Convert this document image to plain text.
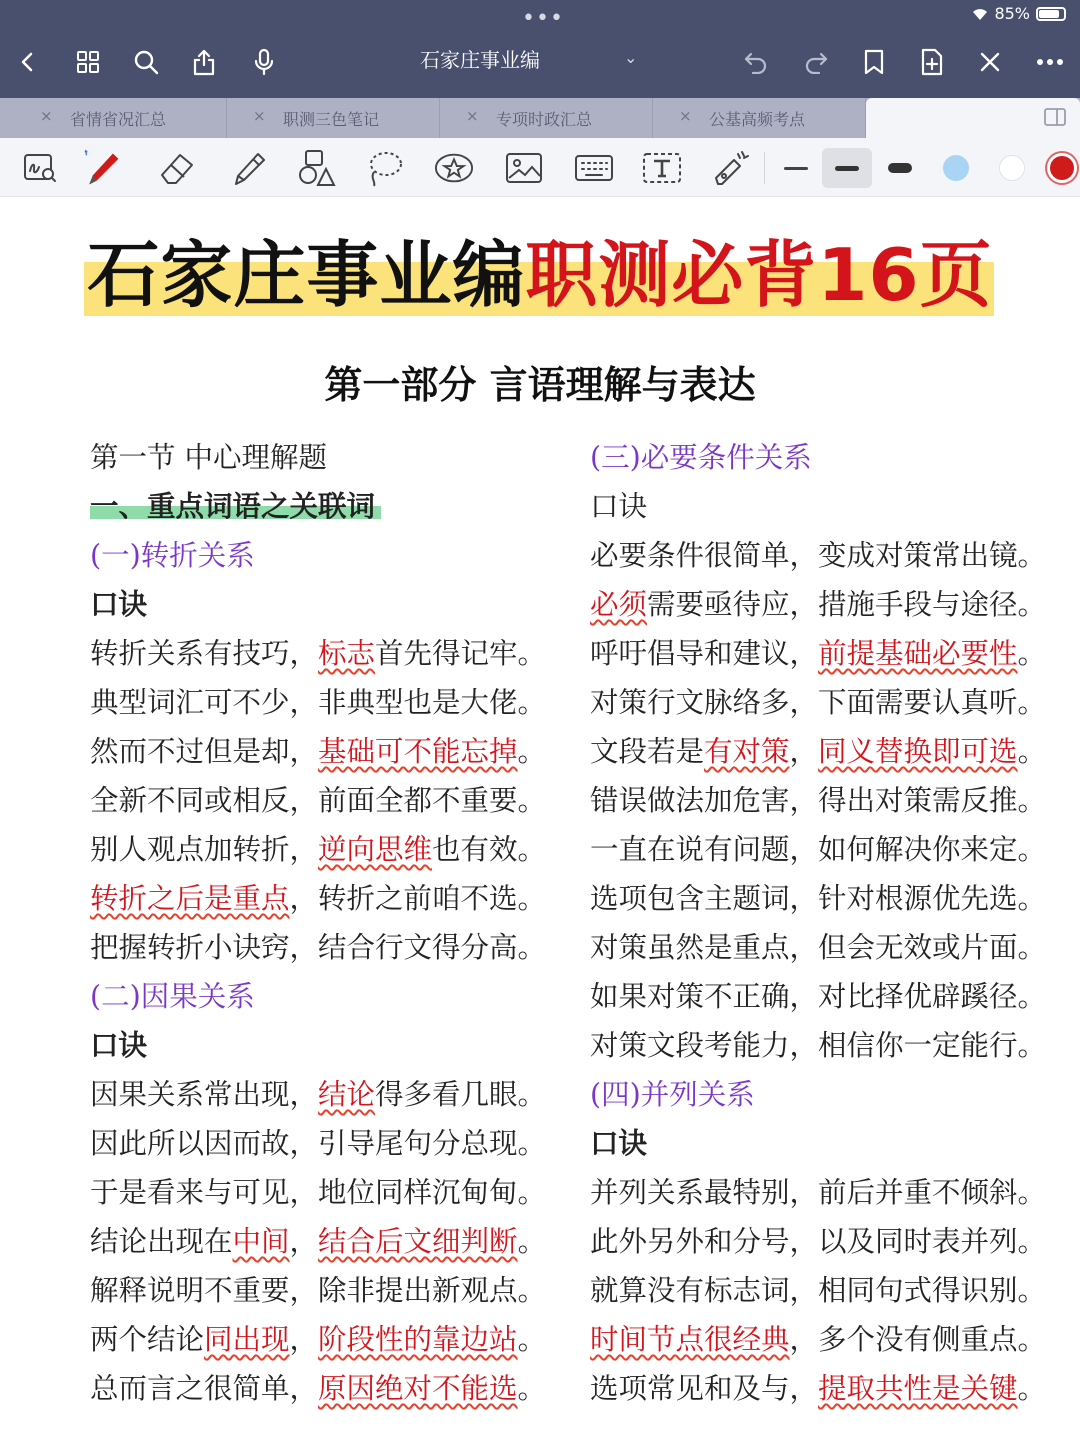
•••	85%
石家庄事业编	⌄
× 省情省况汇总	× 职测三色笔记	× 专项时政汇总	× 公基高频考点
石家庄事业编职测必背16页
第一部分 言语理解与表达
第一节 中心理解题
一、重点词语之关联词
(一)转折关系
口诀
转折关系有技巧，标志首先得记牢。
典型词汇可不少，非典型也是大佬。
然而不过但是却，基础可不能忘掉。
全新不同或相反，前面全都不重要。
别人观点加转折，逆向思维也有效。
转折之后是重点，转折之前咱不选。
把握转折小诀窍，结合行文得分高。
(二)因果关系
口诀
因果关系常出现，结论得多看几眼。
因此所以因而故，引导尾句分总现。
于是看来与可见，地位同样沉甸甸。
结论出现在中间，结合后文细判断。
解释说明不重要，除非提出新观点。
两个结论同出现，阶段性的靠边站。
总而言之很简单，原因绝对不能选。
(三)必要条件关系
口诀
必要条件很简单，变成对策常出镜。
必须需要亟待应，措施手段与途径。
呼吁倡导和建议，前提基础必要性。
对策行文脉络多，下面需要认真听。
文段若是有对策，同义替换即可选。
错误做法加危害，得出对策需反推。
一直在说有问题，如何解决你来定。
选项包含主题词，针对根源优先选。
对策虽然是重点，但会无效或片面。
如果对策不正确，对比择优辟蹊径。
对策文段考能力，相信你一定能行。
(四)并列关系
口诀
并列关系最特别，前后并重不倾斜。
此外另外和分号，以及同时表并列。
就算没有标志词，相同句式得识别。
时间节点很经典，多个没有侧重点。
选项常见和及与，提取共性是关键。
